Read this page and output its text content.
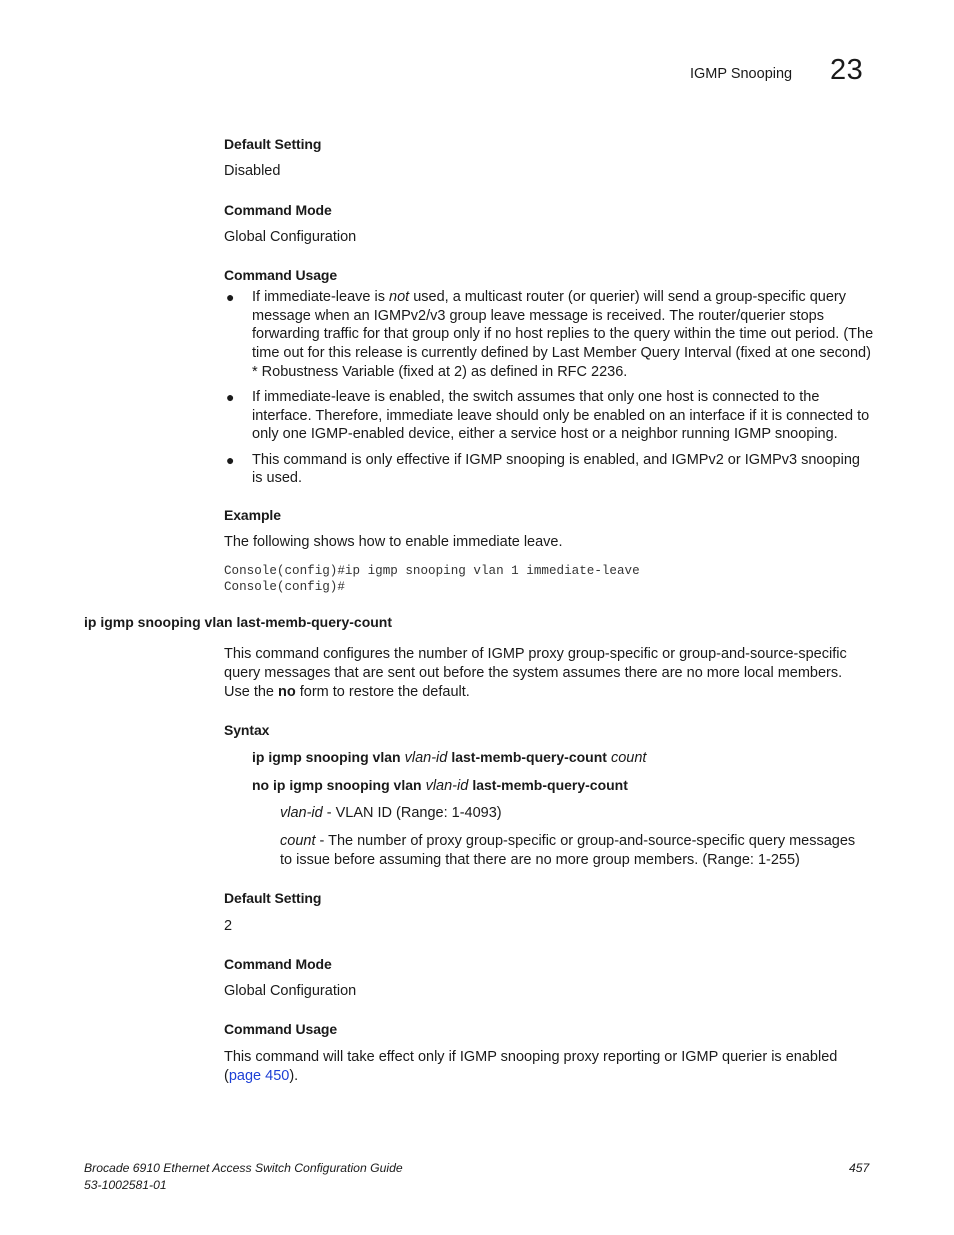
IGMP Snooping 23
Default Setting
Disabled
Command Mode
Global Configuration
Command Usage
● If immediate-leave is not used, a multicast router (or querier) will send a group-specific query message when an IGMPv2/v3 group leave message is received. The router/querier stops forwarding traffic for that group only if no host replies to the query within the time out period. (The time out for this release is currently defined by Last Member Query Interval (fixed at one second) * Robustness Variable (fixed at 2) as defined in RFC 2236.
● If immediate-leave is enabled, the switch assumes that only one host is connected to the interface. Therefore, immediate leave should only be enabled on an interface if it is connected to only one IGMP-enabled device, either a service host or a neighbor running IGMP snooping.
● This command is only effective if IGMP snooping is enabled, and IGMPv2 or IGMPv3 snooping is used.
Example
The following shows how to enable immediate leave.
Console(config)#ip igmp snooping vlan 1 immediate-leave
Console(config)#
ip igmp snooping vlan last-memb-query-count
This command configures the number of IGMP proxy group-specific or group-and-source-specific query messages that are sent out before the system assumes there are no more local members. Use the no form to restore the default.
Syntax
ip igmp snooping vlan vlan-id last-memb-query-count count
no ip igmp snooping vlan vlan-id last-memb-query-count
vlan-id - VLAN ID (Range: 1-4093)
count - The number of proxy group-specific or group-and-source-specific query messages to issue before assuming that there are no more group members. (Range: 1-255)
Default Setting
2
Command Mode
Global Configuration
Command Usage
This command will take effect only if IGMP snooping proxy reporting or IGMP querier is enabled (page 450).
Brocade 6910 Ethernet Access Switch Configuration Guide
53-1002581-01
457
